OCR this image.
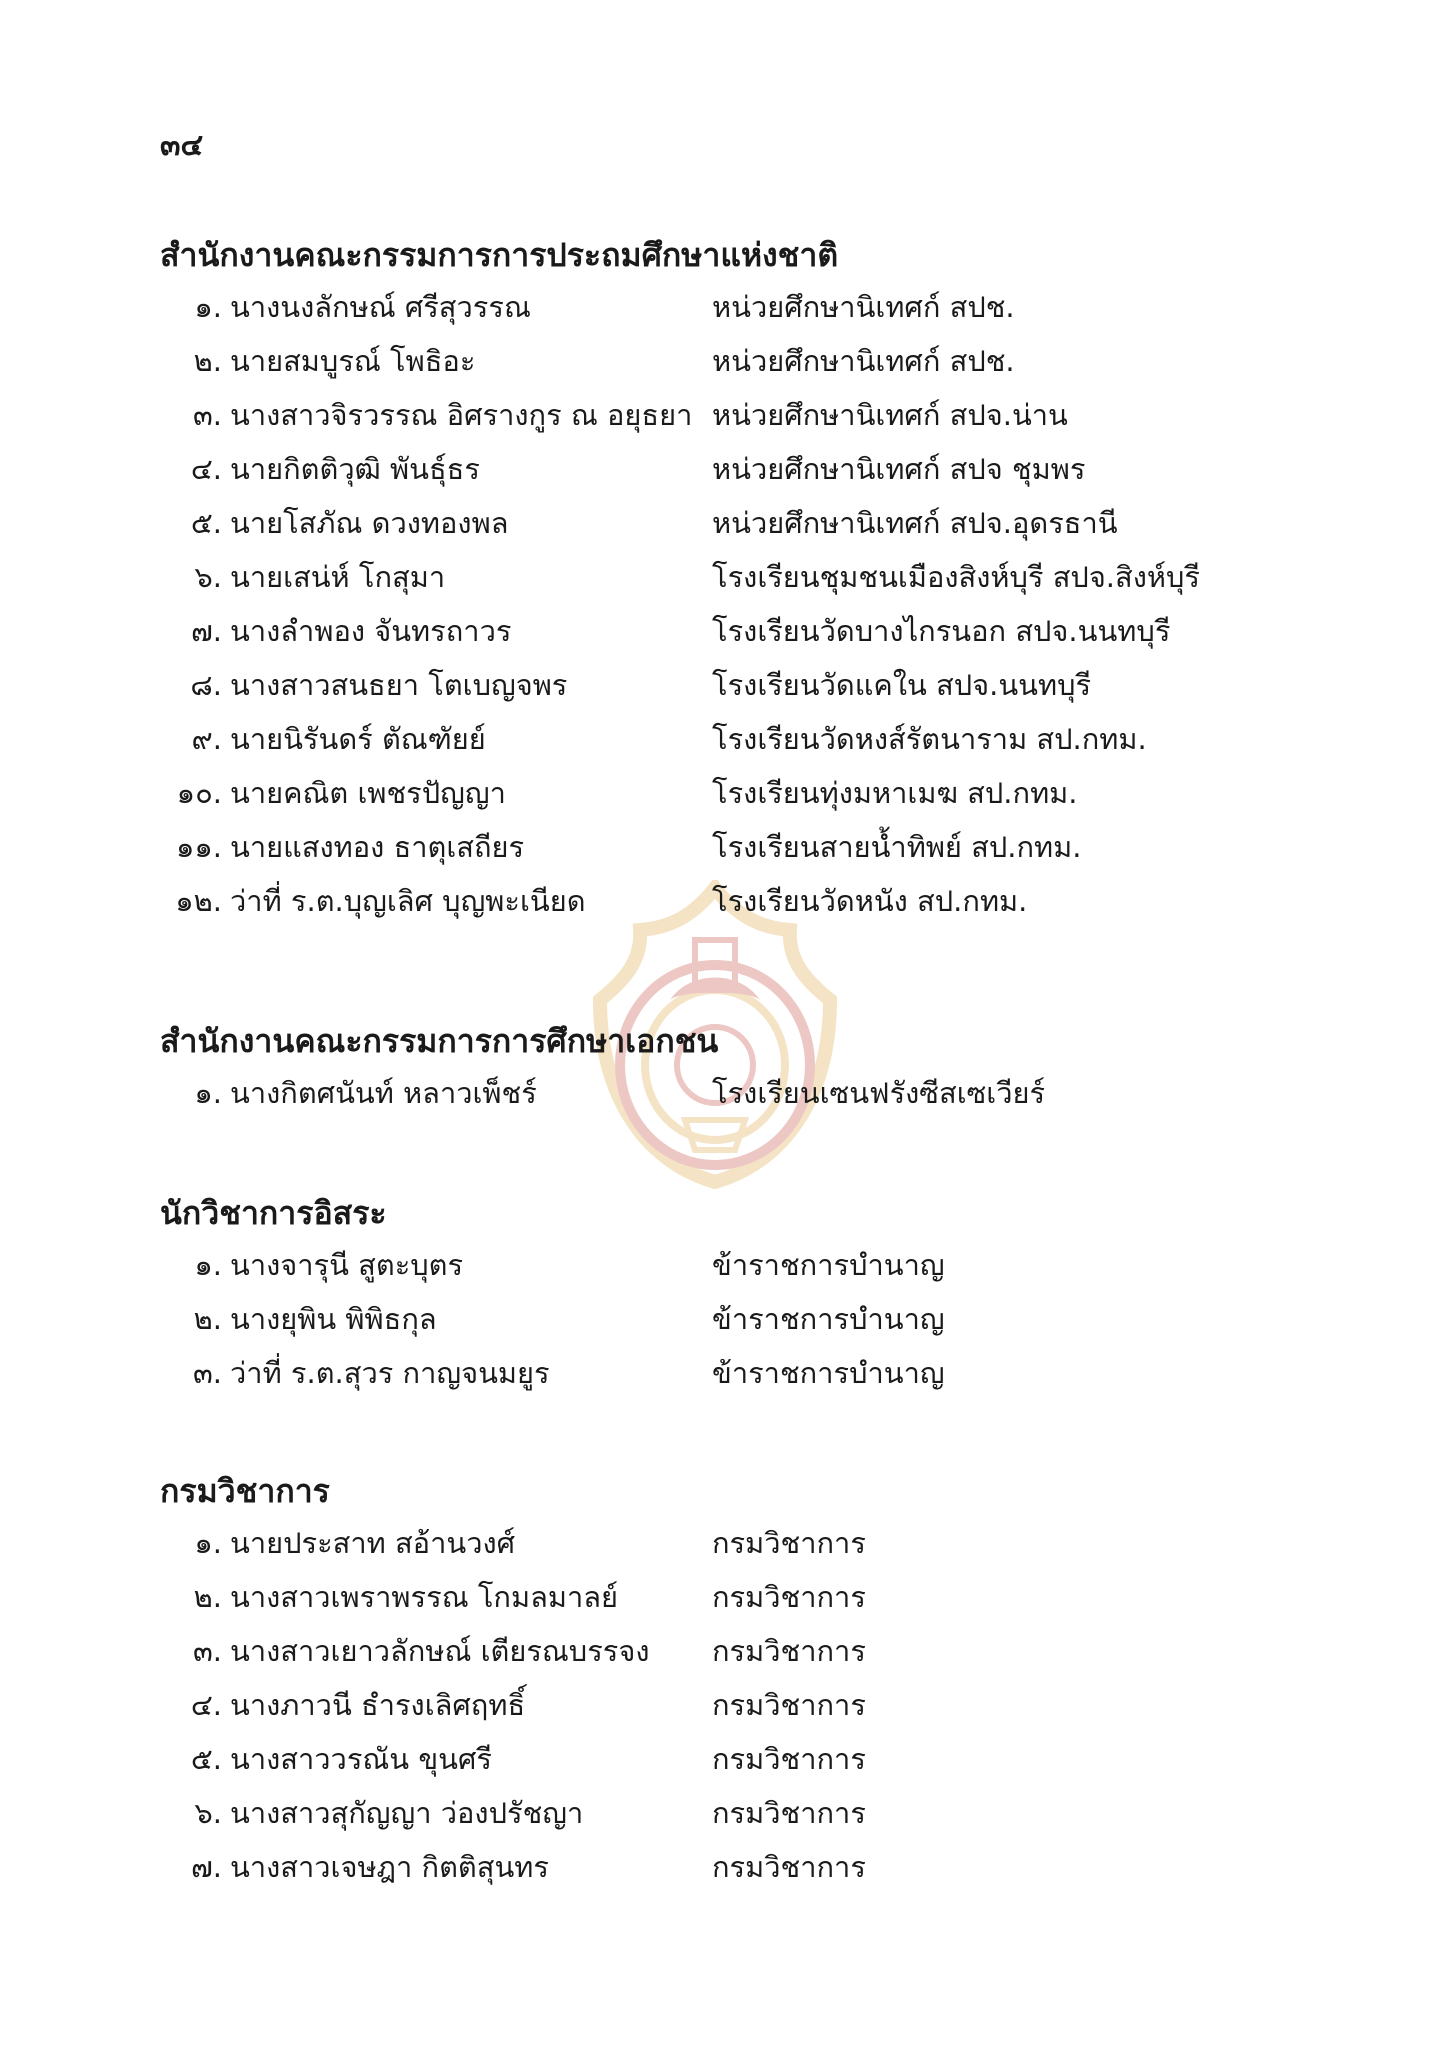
๓๔
สำนักงานคณะกรรมการการประถมศึกษาแห่งชาติ
๑. นางนงลักษณ์ ศรีสุวรรณ	หน่วยศึกษานิเทศก์ สปช.
๒. นายสมบูรณ์ โพธิอะ	หน่วยศึกษานิเทศก์ สปช.
๓. นางสาวจิรวรรณ อิศรางกูร ณ อยุธยา หน่วยศึกษานิเทศก์ สปจ.น่าน
๔. นายกิตติวุฒิ พันธุ์ธร	หน่วยศึกษานิเทศก์ สปจ ชุมพร
๕. นายโสภัณ ดวงทองพล	หน่วยศึกษานิเทศก์ สปจ.อุดรธานี
๖. นายเสน่ห์ โกสุมา	โรงเรียนชุมชนเมืองสิงห์บุรี สปจ.สิงห์บุรี
๗. นางลำพอง จันทรถาวร	โรงเรียนวัดบางไกรนอก สปจ.นนทบุรี
๘. นางสาวสนธยา โตเบญจพร	โรงเรียนวัดแคใน สปจ.นนทบุรี
๙. นายนิรันดร์ ตัณฑัยย์	โรงเรียนวัดหงส์รัตนาราม สป.กทม.
๑๐. นายคณิต เพชรปัญญา	โรงเรียนทุ่งมหาเมฆ สป.กทม.
๑๑. นายแสงทอง ธาตุเสถียร	โรงเรียนสายน้ำทิพย์ สป.กทม.
๑๒. ว่าที่ ร.ต.บุญเลิศ บุญพะเนียด	โรงเรียนวัดหนัง สป.กทม.
สำนักงานคณะกรรมการการศึกษาเอกชน
๑. นางกิตศนันท์ หลาวเพ็ชร์	โรงเรียนเซนฟรังซีสเซเวียร์
นักวิชาการอิสระ
๑. นางจารุนี สูตะบุตร	ข้าราชการบำนาญ
๒. นางยุพิน พิพิธกุล	ข้าราชการบำนาญ
๓. ว่าที่ ร.ต.สุวร กาญจนมยูร	ข้าราชการบำนาญ
กรมวิชาการ
๑. นายประสาท สอ้านวงศ์	กรมวิชาการ
๒. นางสาวเพราพรรณ โกมลมาลย์	กรมวิชาการ
๓. นางสาวเยาวลักษณ์ เตียรณบรรจง กรมวิชาการ
๔. นางภาวนี ธำรงเลิศฤทธิ์	กรมวิชาการ
๕. นางสาววรณัน ขุนศรี	กรมวิชาการ
๖. นางสาวสุกัญญา ว่องปรัชญา	กรมวิชาการ
๗. นางสาวเจษฎา กิตติสุนทร	กรมวิชาการ
